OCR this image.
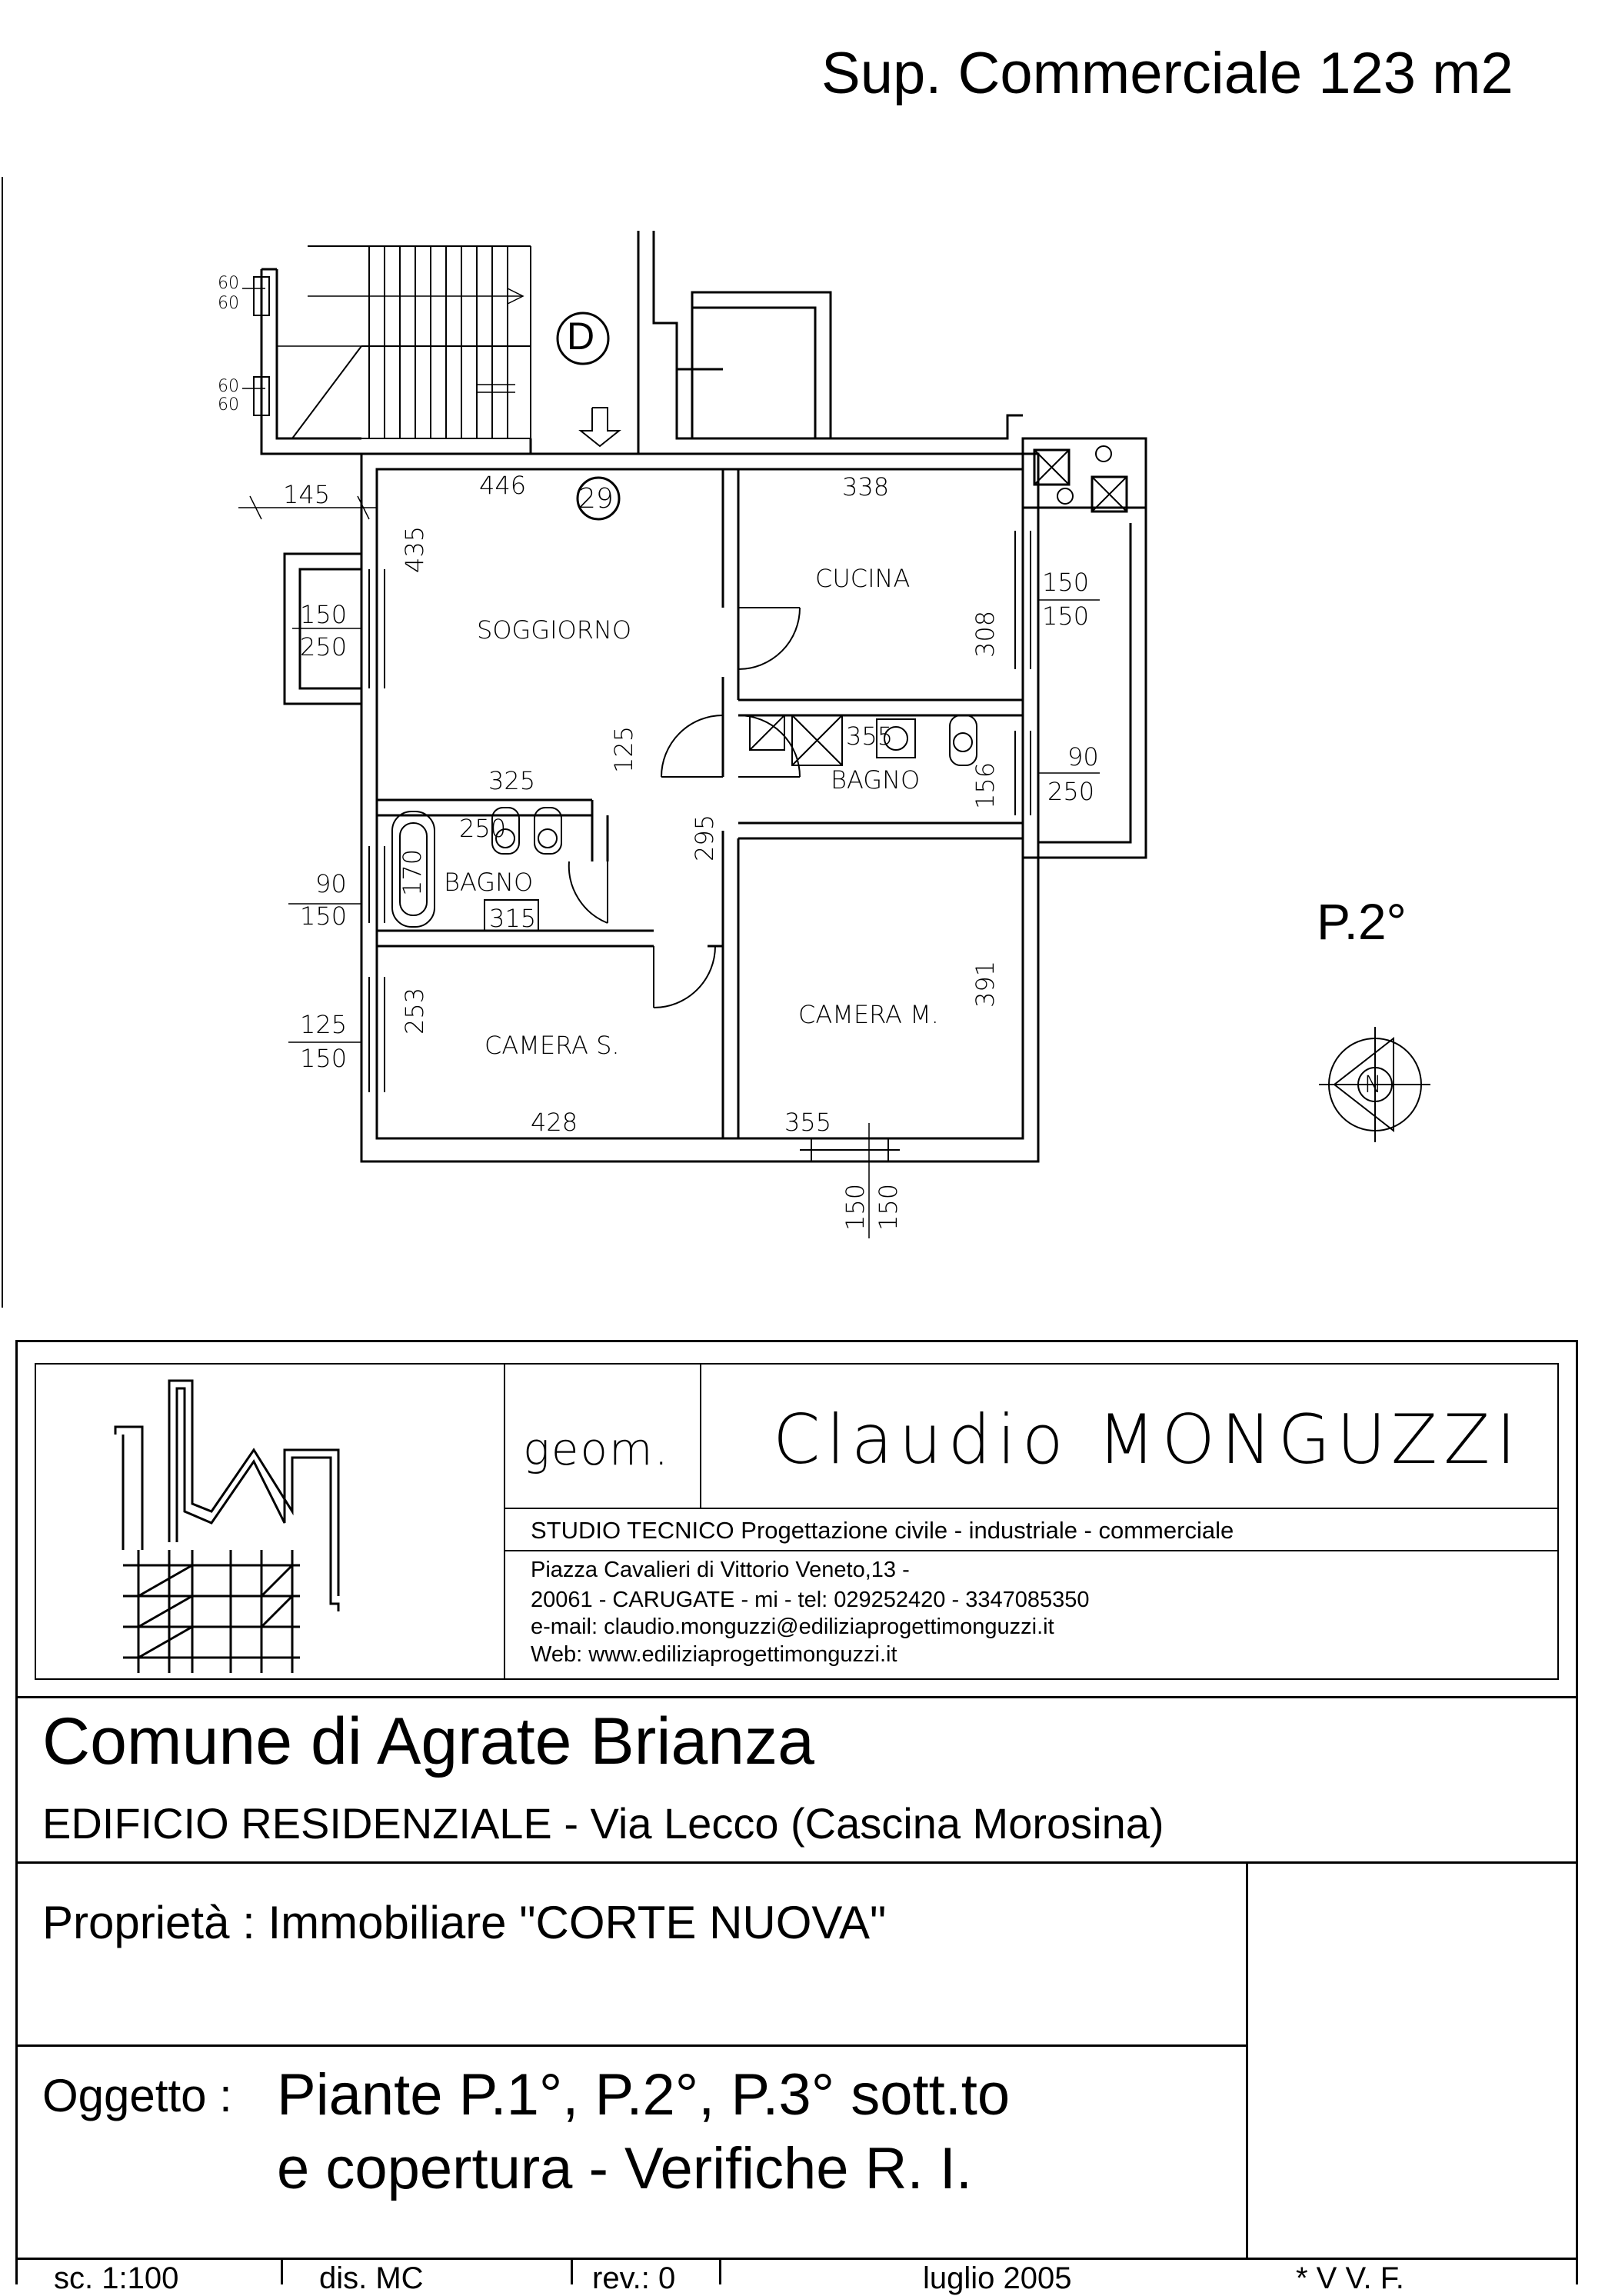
Sup. Commerciale 123 m2
D
29
P.2°
N
SOGGIORNO
CUCINA
BAGNO
BAGNO
CAMERA S.
CAMERA M.
60
60
60
60
145	446	338
435
150
250
150
150
308
125
325
355
156
90
250
250
170
295
315
90
150
391
253
125
150
428	355
150 150
geom. Claudio MONGUZZI
STUDIO TECNICO Progettazione civile - industriale - commerciale
Piazza Cavalieri di Vittorio Veneto,13 -
20061 - CARUGATE - mi - tel: 029252420 - 3347085350
e-mail: claudio.monguzzi@ediliziaprogettimonguzzi.it
Web: www.ediliziaprogettimonguzzi.it
Comune di Agrate Brianza
EDIFICIO RESIDENZIALE - Via Lecco (Cascina Morosina)
Proprietà : Immobiliare "CORTE NUOVA"
Oggetto : Piante P.1°, P.2°, P.3° sott.to
e copertura - Verifiche R. I.
sc. 1:100	dis. MC	rev.: 0	luglio 2005	* V V. F.
